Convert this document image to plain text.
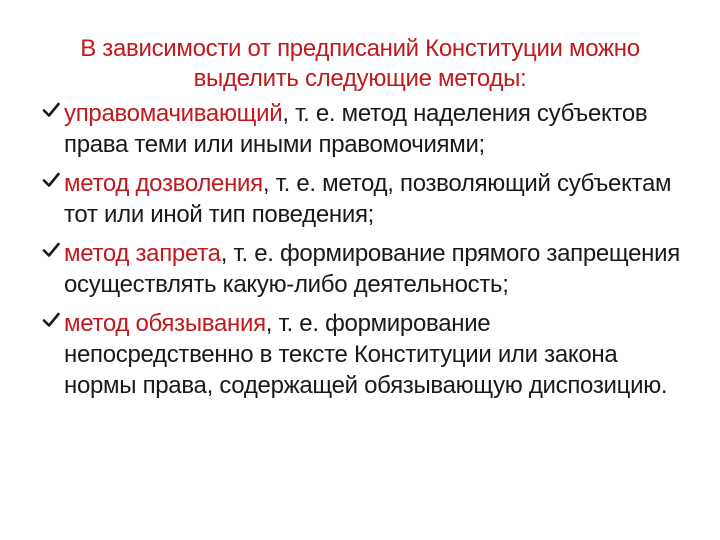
В зависимости от предписаний Конституции можно
выделить следующие методы:
управомачивающий, т. е. метод наделения субъектов права теми или иными правомочиями;
метод дозволения, т. е. метод, позволяющий субъектам тот или иной тип поведения;
метод запрета, т. е. формирование прямого запрещения осуществлять какую-либо деятельность;
метод обязывания, т. е. формирование непосредственно в тексте Конституции или закона нормы права, содержащей обязывающую диспозицию.
